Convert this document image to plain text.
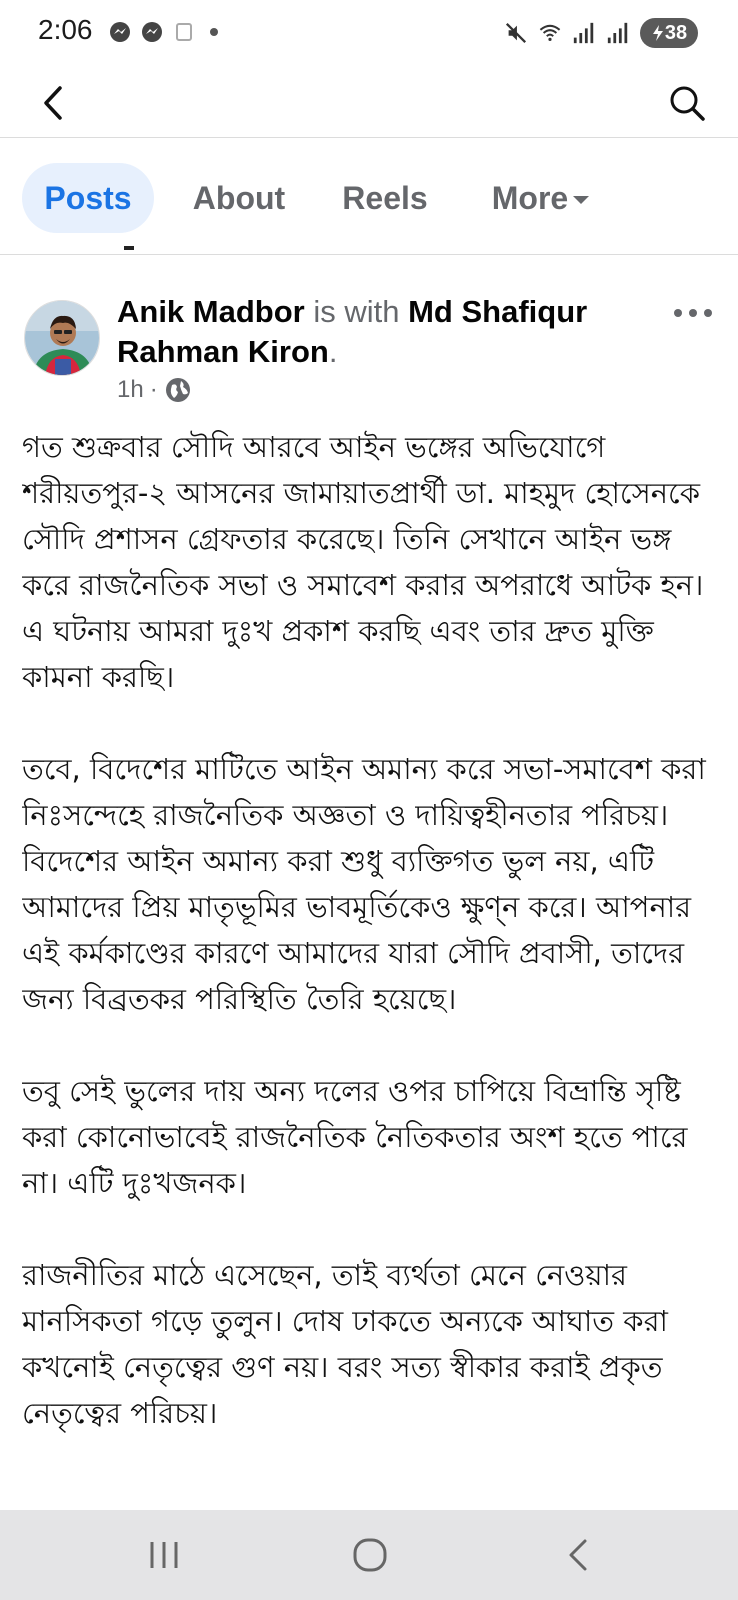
2:06	38
Posts	About	Reels	More
Anik Madbor is with Md Shafiqur Rahman Kiron.
1h ·

গত শুক্রবার সৌদি আরবে আইন ভঙ্গের অভিযোগে শরীয়তপুর-২ আসনের জামায়াতপ্রার্থী ডা. মাহমুদ হোসেনকে সৌদি প্রশাসন গ্রেফতার করেছে। তিনি সেখানে আইন ভঙ্গ করে রাজনৈতিক সভা ও সমাবেশ করার অপরাধে আটক হন। এ ঘটনায় আমরা দুঃখ প্রকাশ করছি এবং তার দ্রুত মুক্তি কামনা করছি।

তবে, বিদেশের মাটিতে আইন অমান্য করে সভা-সমাবেশ করা নিঃসন্দেহে রাজনৈতিক অজ্ঞতা ও দায়িত্বহীনতার পরিচয়। বিদেশের আইন অমান্য করা শুধু ব্যক্তিগত ভুল নয়, এটি আমাদের প্রিয় মাতৃভূমির ভাবমূর্তিকেও ক্ষুণ্ন করে। আপনার এই কর্মকাণ্ডের কারণে আমাদের যারা সৌদি প্রবাসী, তাদের জন্য বিব্রতকর পরিস্থিতি তৈরি হয়েছে।

তবু সেই ভুলের দায় অন্য দলের ওপর চাপিয়ে বিভ্রান্তি সৃষ্টি করা কোনোভাবেই রাজনৈতিক নৈতিকতার অংশ হতে পারে না। এটি দুঃখজনক।

রাজনীতির মাঠে এসেছেন, তাই ব্যর্থতা মেনে নেওয়ার মানসিকতা গড়ে তুলুন। দোষ ঢাকতে অন্যকে আঘাত করা কখনোই নেতৃত্বের গুণ নয়। বরং সত্য স্বীকার করাই প্রকৃত নেতৃত্বের পরিচয়।
